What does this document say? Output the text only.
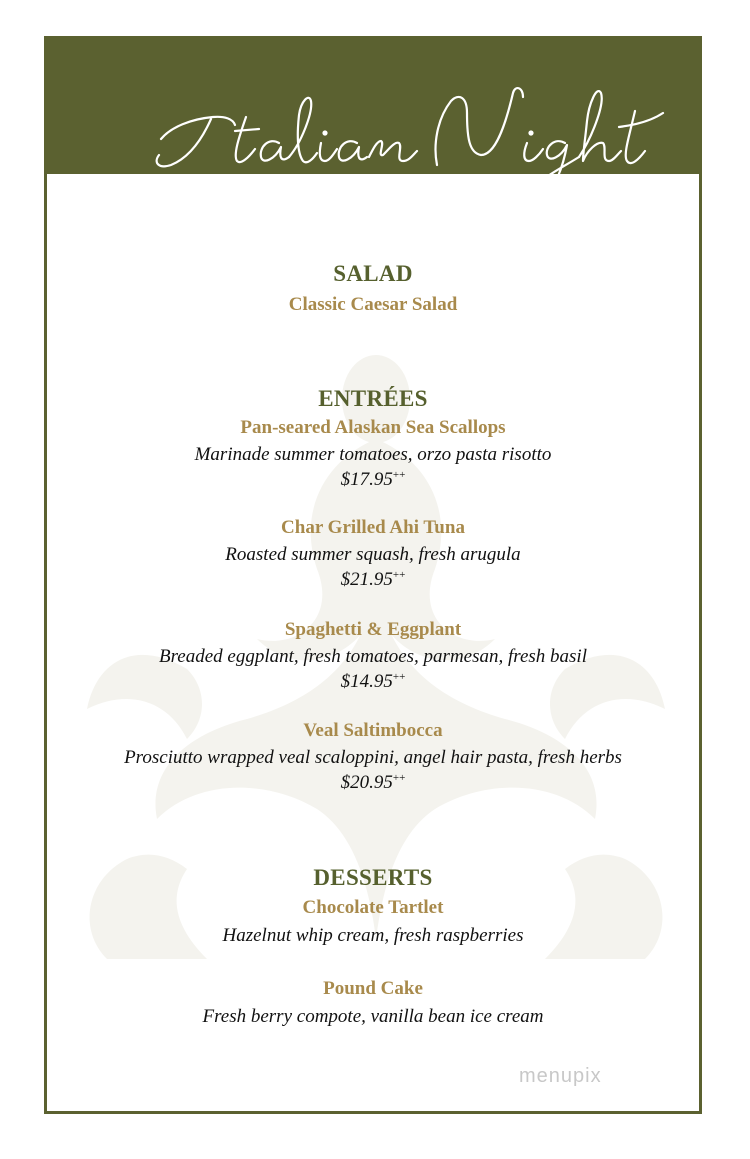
SALAD
Classic Caesar Salad
ENTRÉES
Pan-seared Alaskan Sea Scallops
Marinade summer tomatoes, orzo pasta risotto
$17.95++
Char Grilled Ahi Tuna
Roasted summer squash, fresh arugula
$21.95++
Spaghetti & Eggplant
Breaded eggplant, fresh tomatoes, parmesan, fresh basil
$14.95++
Veal Saltimbocca
Prosciutto wrapped veal scaloppini, angel hair pasta, fresh herbs
$20.95++
DESSERTS
Chocolate Tartlet
Hazelnut whip cream, fresh raspberries
Pound Cake
Fresh berry compote, vanilla bean ice cream
menupix
